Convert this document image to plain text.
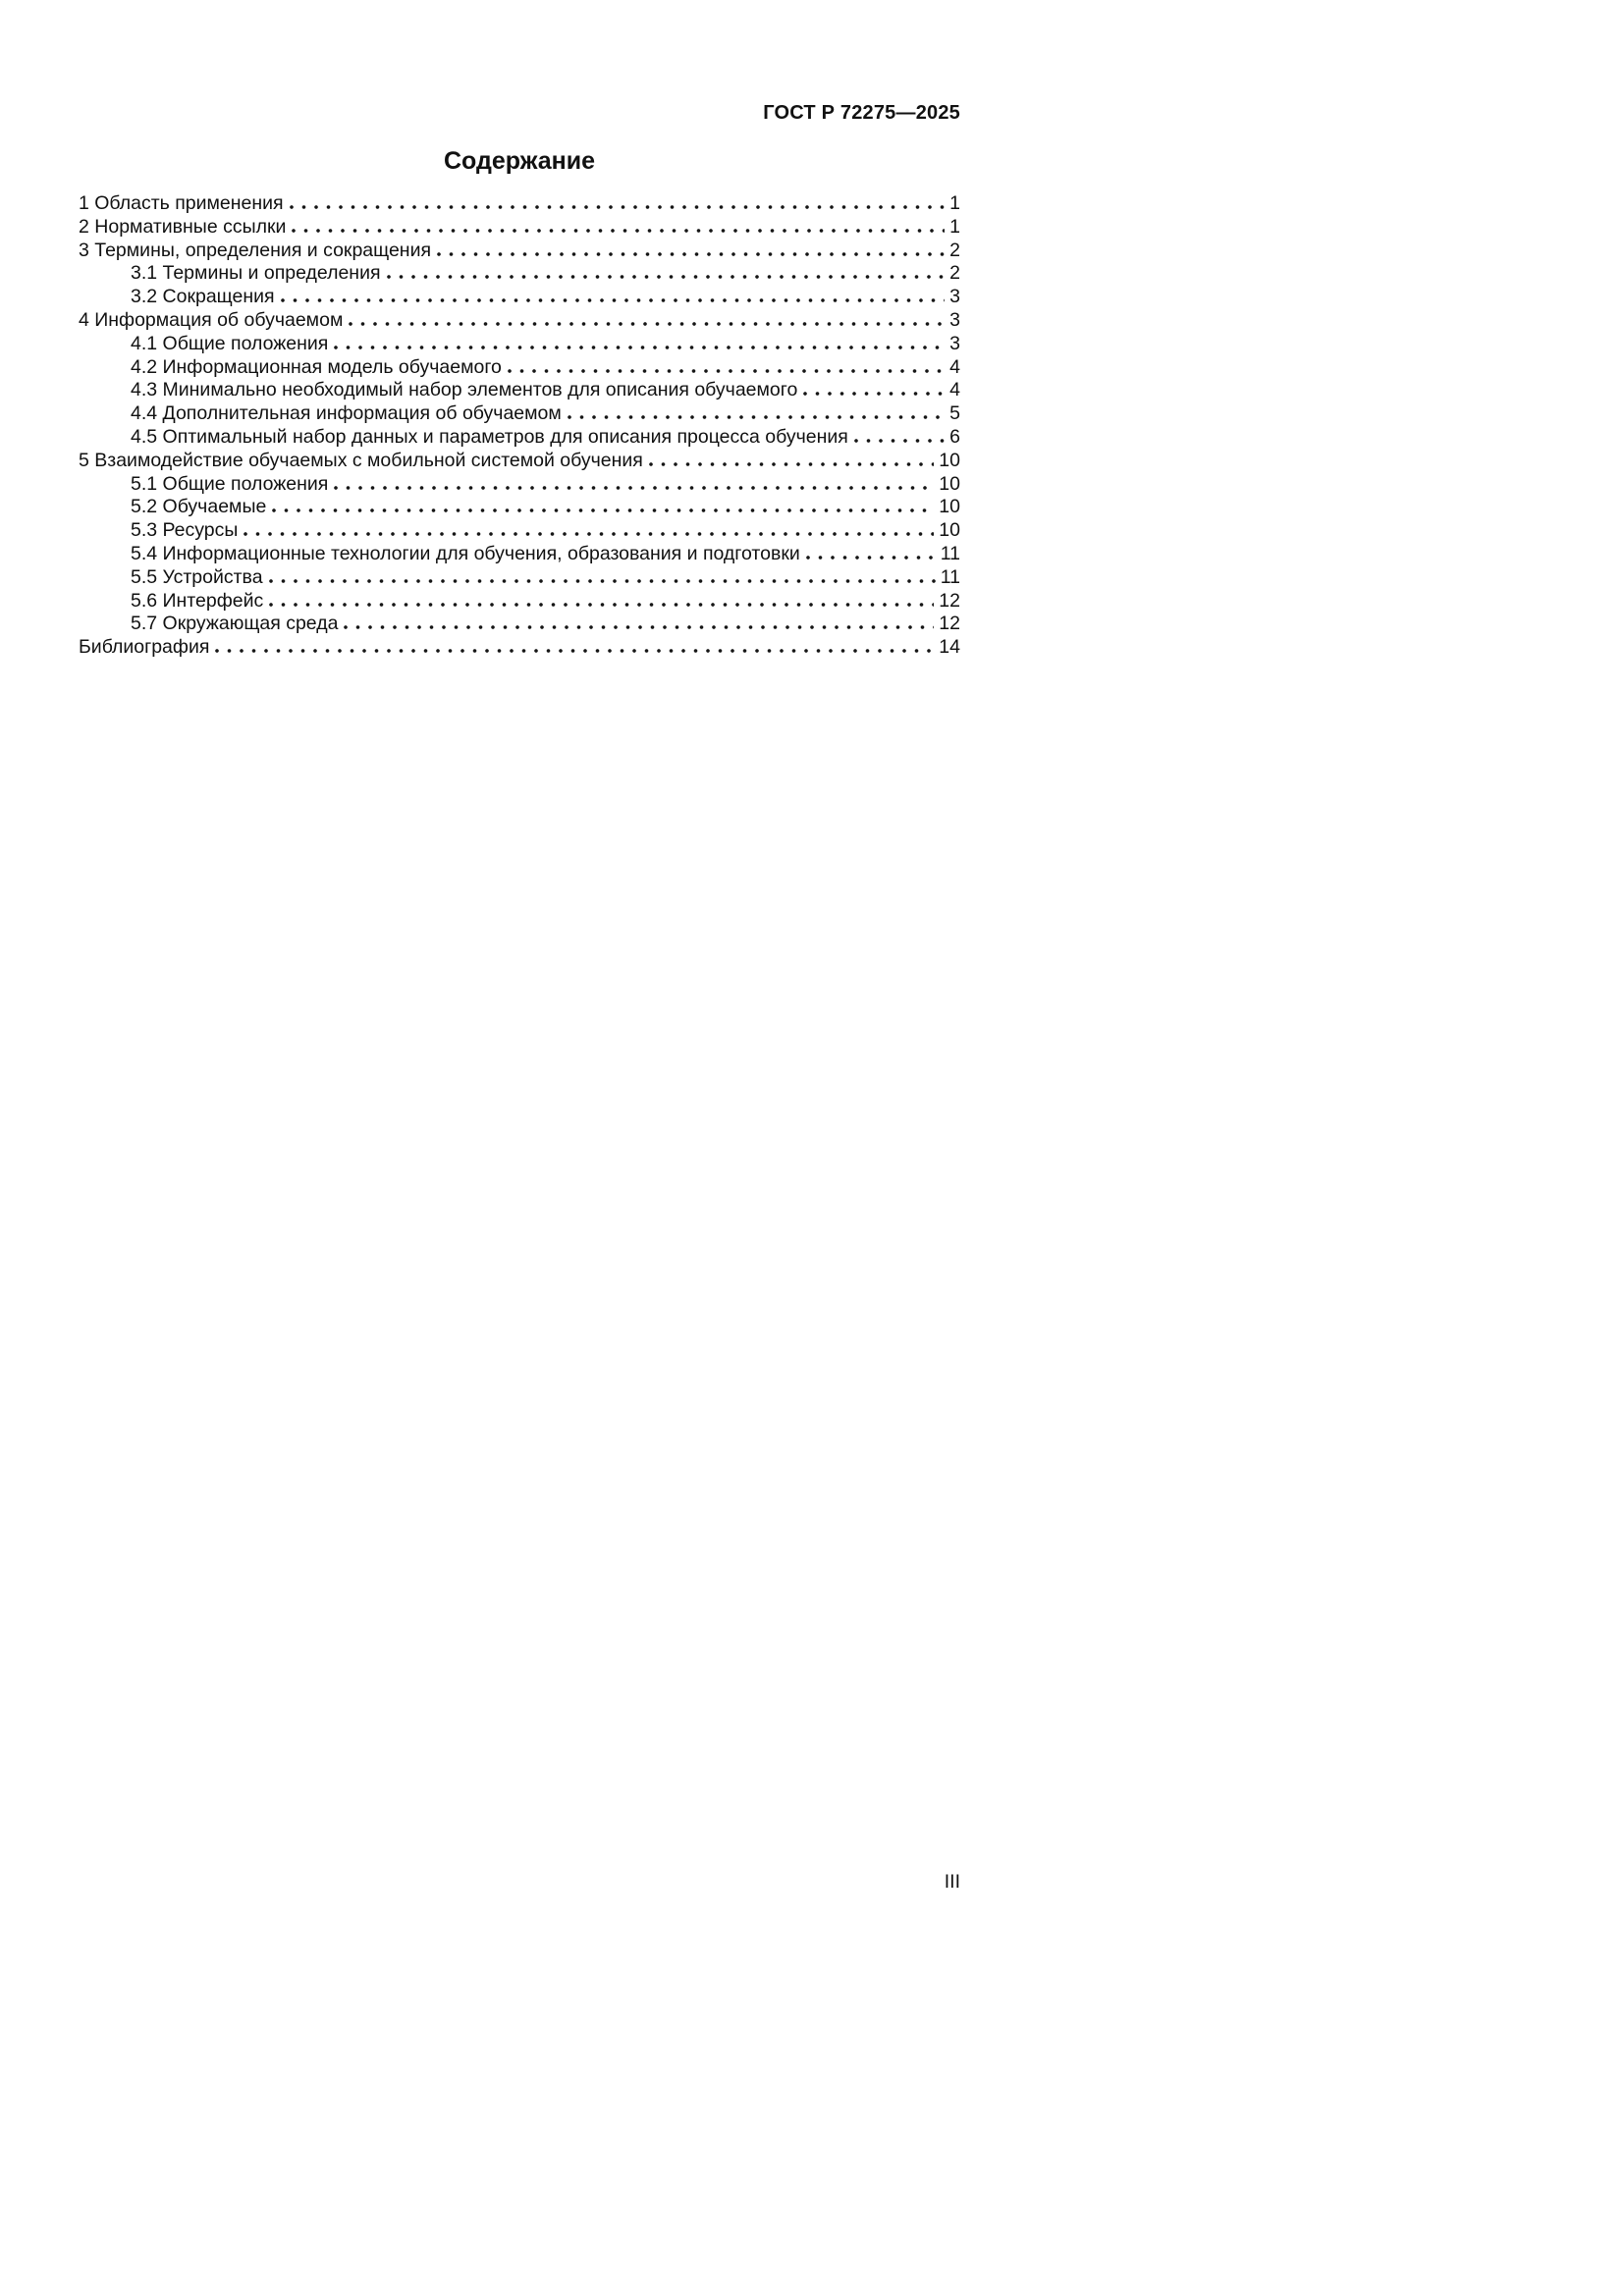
ГОСТ Р 72275—2025
Содержание
1 Область применения	1
2 Нормативные ссылки	1
3 Термины, определения и сокращения	2
3.1 Термины и определения	2
3.2 Сокращения	3
4 Информация об обучаемом	3
4.1 Общие положения	3
4.2 Информационная модель обучаемого	4
4.3 Минимально необходимый набор элементов для описания обучаемого	4
4.4 Дополнительная информация об обучаемом	5
4.5 Оптимальный набор данных и параметров для описания процесса обучения	6
5 Взаимодействие обучаемых с мобильной системой обучения	10
5.1 Общие положения	10
5.2 Обучаемые	10
5.3 Ресурсы	10
5.4 Информационные технологии для обучения, образования и подготовки	11
5.5 Устройства	11
5.6 Интерфейс	12
5.7 Окружающая среда	12
Библиография	14
III
